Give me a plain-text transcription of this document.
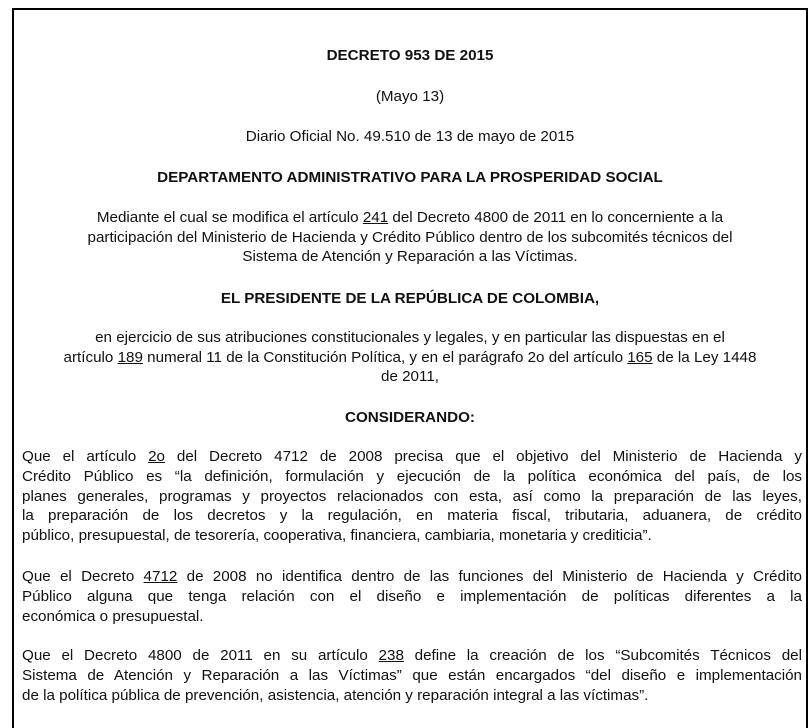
DECRETO 953 DE 2015
(Mayo 13)
Diario Oficial No. 49.510 de 13 de mayo de 2015
DEPARTAMENTO ADMINISTRATIVO PARA LA PROSPERIDAD SOCIAL
Mediante el cual se modifica el artículo 241 del Decreto 4800 de 2011 en lo concerniente a la
participación del Ministerio de Hacienda y Crédito Público dentro de los subcomités técnicos del
Sistema de Atención y Reparación a las Víctimas.
EL PRESIDENTE DE LA REPÚBLICA DE COLOMBIA,
en ejercicio de sus atribuciones constitucionales y legales, y en particular las dispuestas en el
artículo 189 numeral 11 de la Constitución Política, y en el parágrafo 2o del artículo 165 de la Ley 1448
de 2011,
CONSIDERANDO:
Que el artículo 2o del Decreto 4712 de 2008 precisa que el objetivo del Ministerio de Hacienda y
Crédito Público es “la definición, formulación y ejecución de la política económica del país, de los
planes generales, programas y proyectos relacionados con esta, así como la preparación de las leyes,
la preparación de los decretos y la regulación, en materia fiscal, tributaria, aduanera, de crédito
público, presupuestal, de tesorería, cooperativa, financiera, cambiaria, monetaria y crediticia”.
Que el Decreto 4712 de 2008 no identifica dentro de las funciones del Ministerio de Hacienda y Crédito
Público alguna que tenga relación con el diseño e implementación de políticas diferentes a la
económica o presupuestal.
Que el Decreto 4800 de 2011 en su artículo 238 define la creación de los “Subcomités Técnicos del
Sistema de Atención y Reparación a las Víctimas” que están encargados “del diseño e implementación
de la política pública de prevención, asistencia, atención y reparación integral a las víctimas”.
